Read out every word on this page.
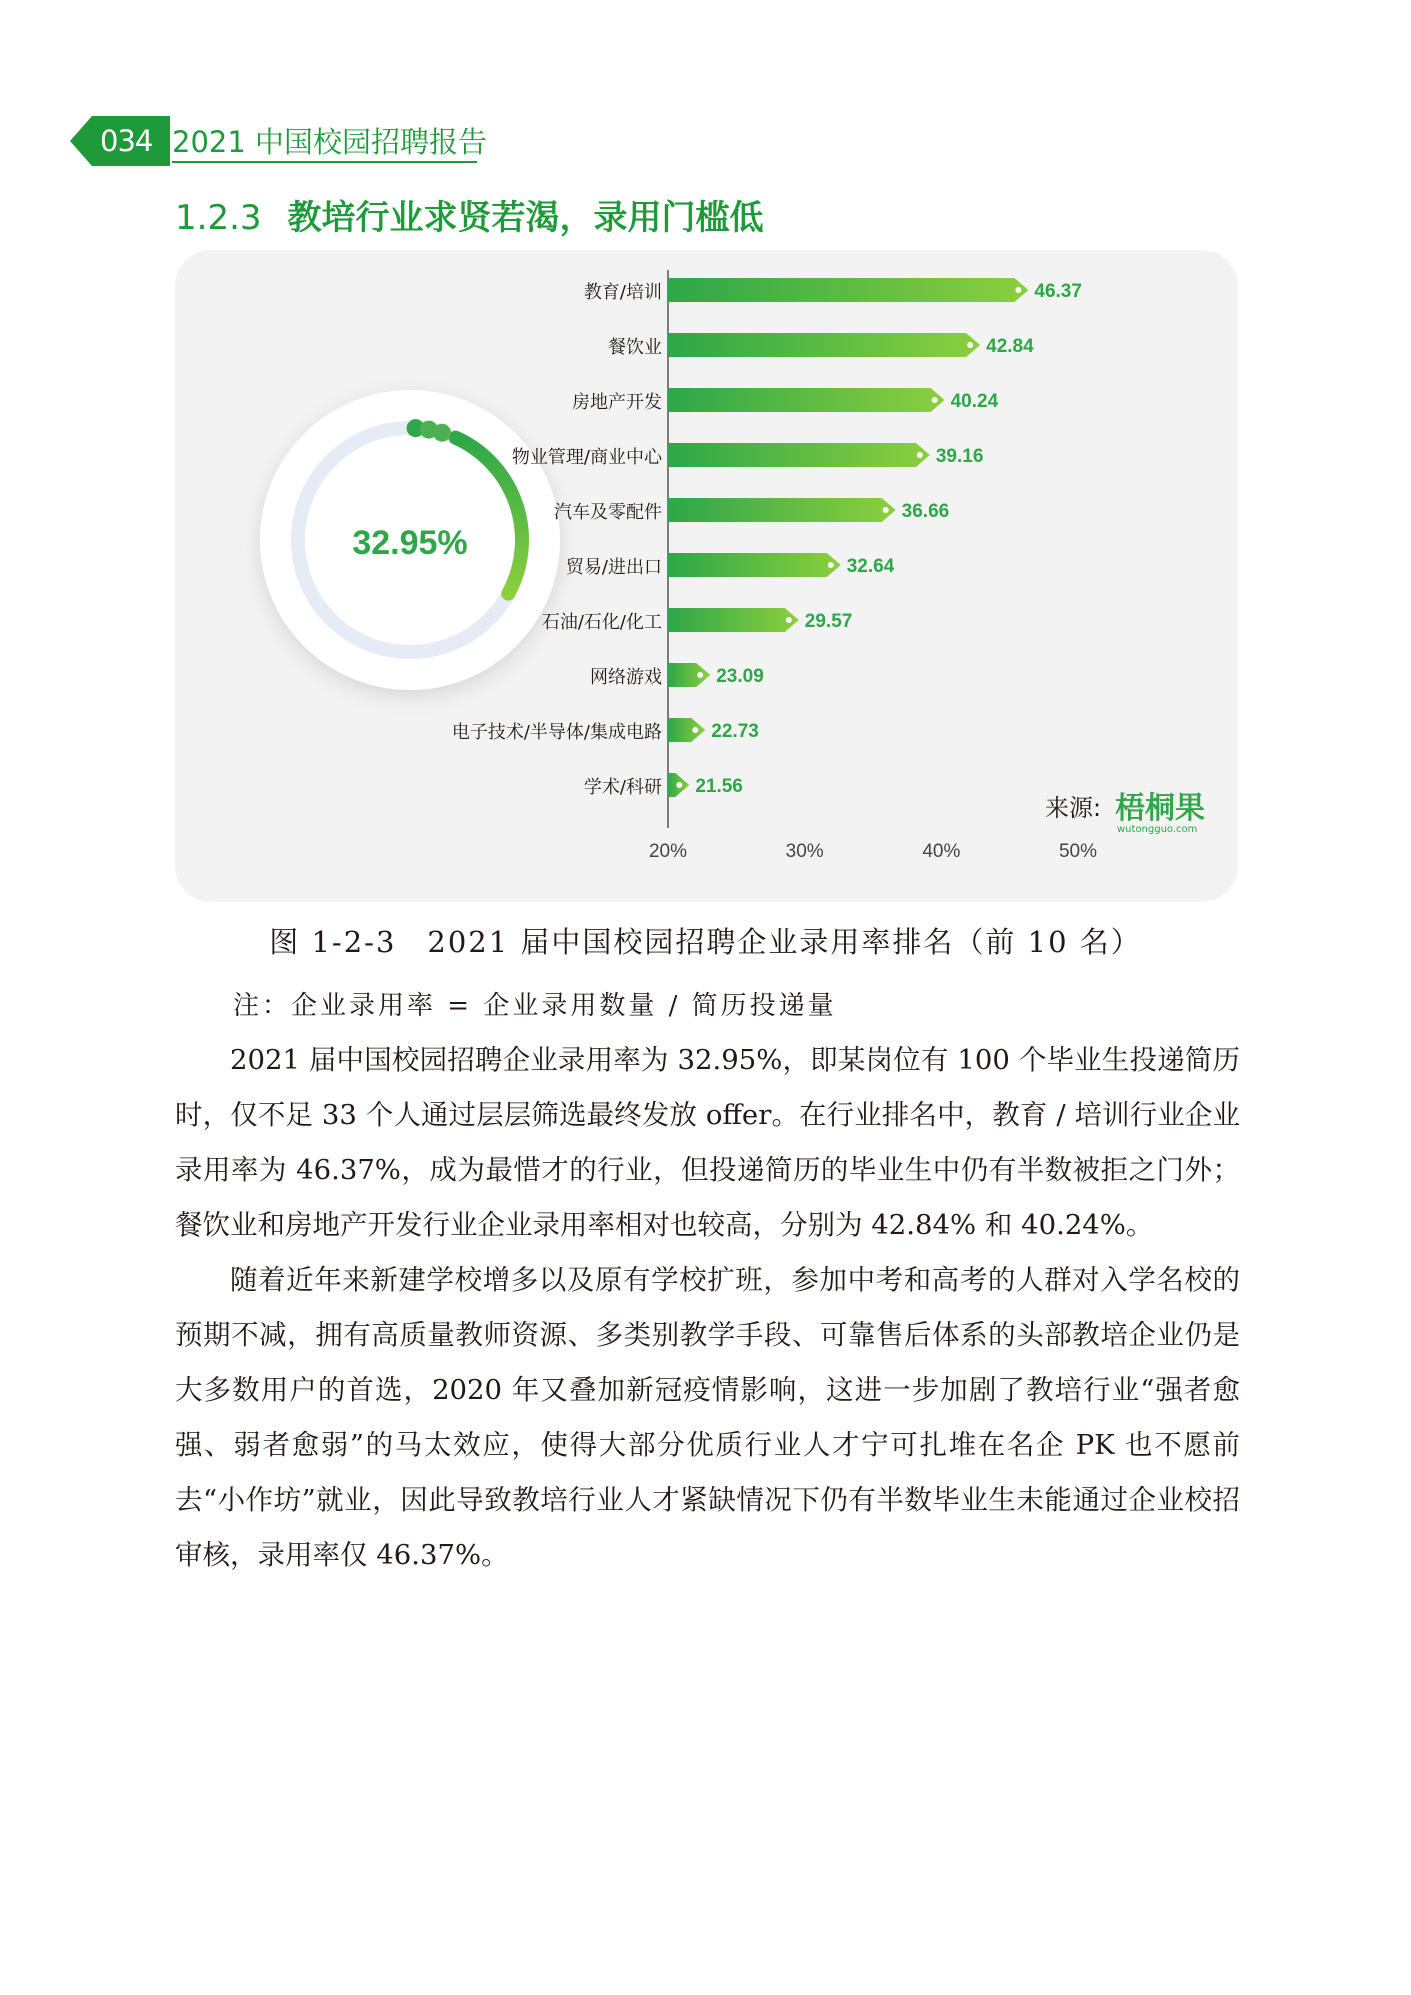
034 2021 中国校园招聘报告
1.2.3 教培行业求贤若渴，录用门槛低
32.95%
教育/培训	46.37
餐饮业	42.84
房地产开发	40.24
物业管理/商业中心	39.16
汽车及零配件	36.66
贸易/进出口	32.64
石油/石化/化工	29.57
网络游戏	23.09
电子技术/半导体/集成电路	22.73
学术/科研 21.56
20%	30%	40%	50%
来源: 梧桐果
wutongguo.com
图 1-2-3　2021 届中国校园招聘企业录用率排名（前 10 名）
注：企业录用率 = 企业录用数量 / 简历投递量

2021 届中国校园招聘企业录用率为 32.95%，即某岗位有 100 个毕业生投递简历时，仅不足 33 个人通过层层筛选最终发放 offer。在行业排名中，教育 / 培训行业企业录用率为 46.37%，成为最惜才的行业，但投递简历的毕业生中仍有半数被拒之门外；餐饮业和房地产开发行业企业录用率相对也较高，分别为 42.84% 和 40.24%。

随着近年来新建学校增多以及原有学校扩班，参加中考和高考的人群对入学名校的预期不减，拥有高质量教师资源、多类别教学手段、可靠售后体系的头部教培企业仍是大多数用户的首选，2020 年又叠加新冠疫情影响，这进一步加剧了教培行业“强者愈强、弱者愈弱”的马太效应，使得大部分优质行业人才宁可扎堆在名企 PK 也不愿前去“小作坊”就业，因此导致教培行业人才紧缺情况下仍有半数毕业生未能通过企业校招审核，录用率仅 46.37%。
